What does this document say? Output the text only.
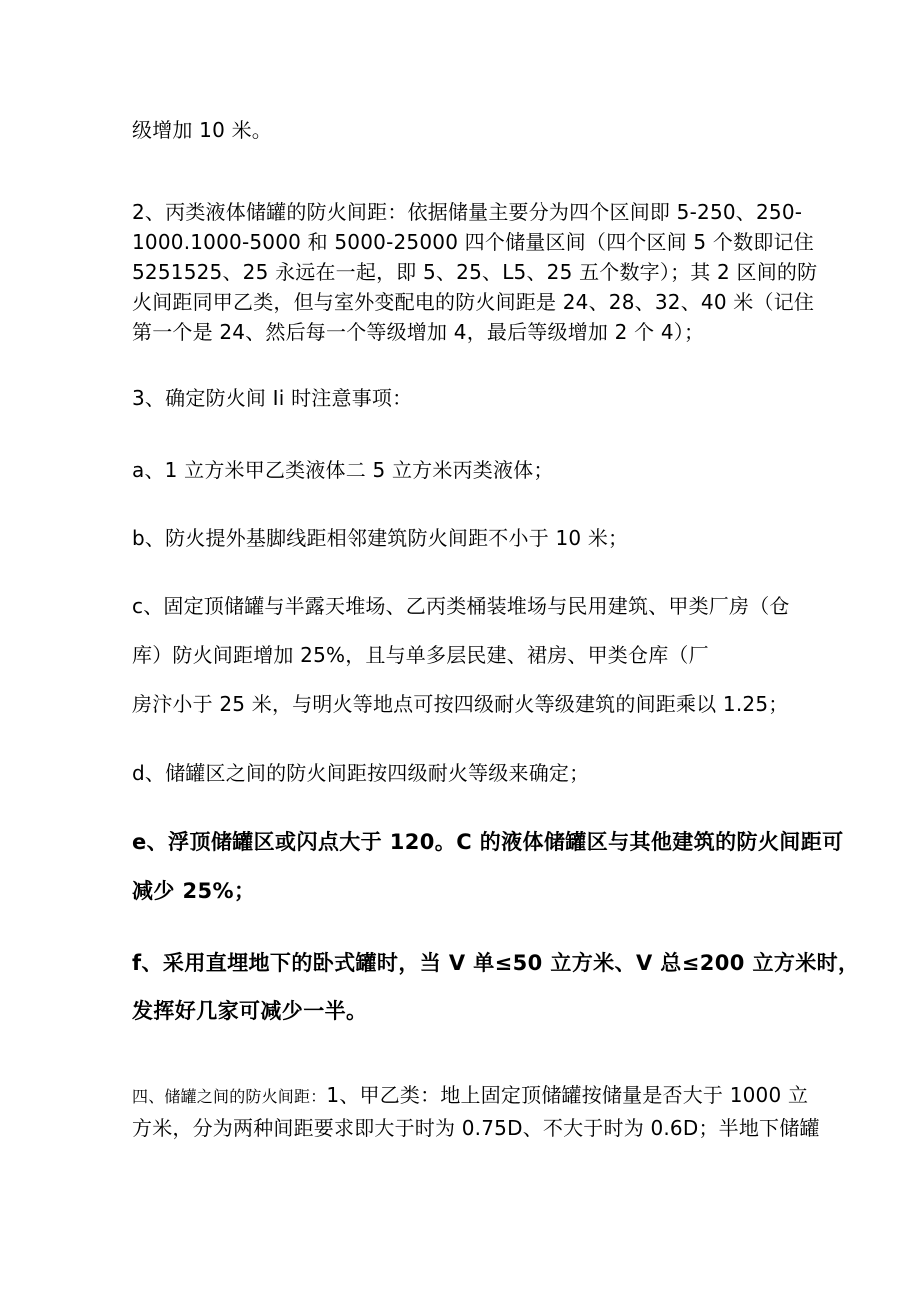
级增加 10 米。
2、丙类液体储罐的防火间距：依据储量主要分为四个区间即 5-250、250-
1000.1000-5000 和 5000-25000 四个储量区间（四个区间 5 个数即记住
5251525、25 永远在一起，即 5、25、L5、25 五个数字）；其 2 区间的防
火间距同甲乙类，但与室外变配电的防火间距是 24、28、32、40 米（记住
第一个是 24、然后每一个等级增加 4，最后等级增加 2 个 4）；
3、确定防火间 Ii 时注意事项：
a、1 立方米甲乙类液体二 5 立方米丙类液体；
b、防火提外基脚线距相邻建筑防火间距不小于 10 米；
c、固定顶储罐与半露天堆场、乙丙类桶装堆场与民用建筑、甲类厂房（仓
库）防火间距增加 25%，且与单多层民建、裙房、甲类仓库（厂
房汴小于 25 米，与明火等地点可按四级耐火等级建筑的间距乘以 1.25；
d、储罐区之间的防火间距按四级耐火等级来确定；
e、浮顶储罐区或闪点大于 120。C 的液体储罐区与其他建筑的防火间距可
减少 25%；
f、采用直埋地下的卧式罐时，当 V 单≤50 立方米、V 总≤200 立方米时，
发挥好几家可减少一半。
四、储罐之间的防火间距：1、甲乙类：地上固定顶储罐按储量是否大于 1000 立
方米，分为两种间距要求即大于时为 0.75D、不大于时为 0.6D；半地下储罐
